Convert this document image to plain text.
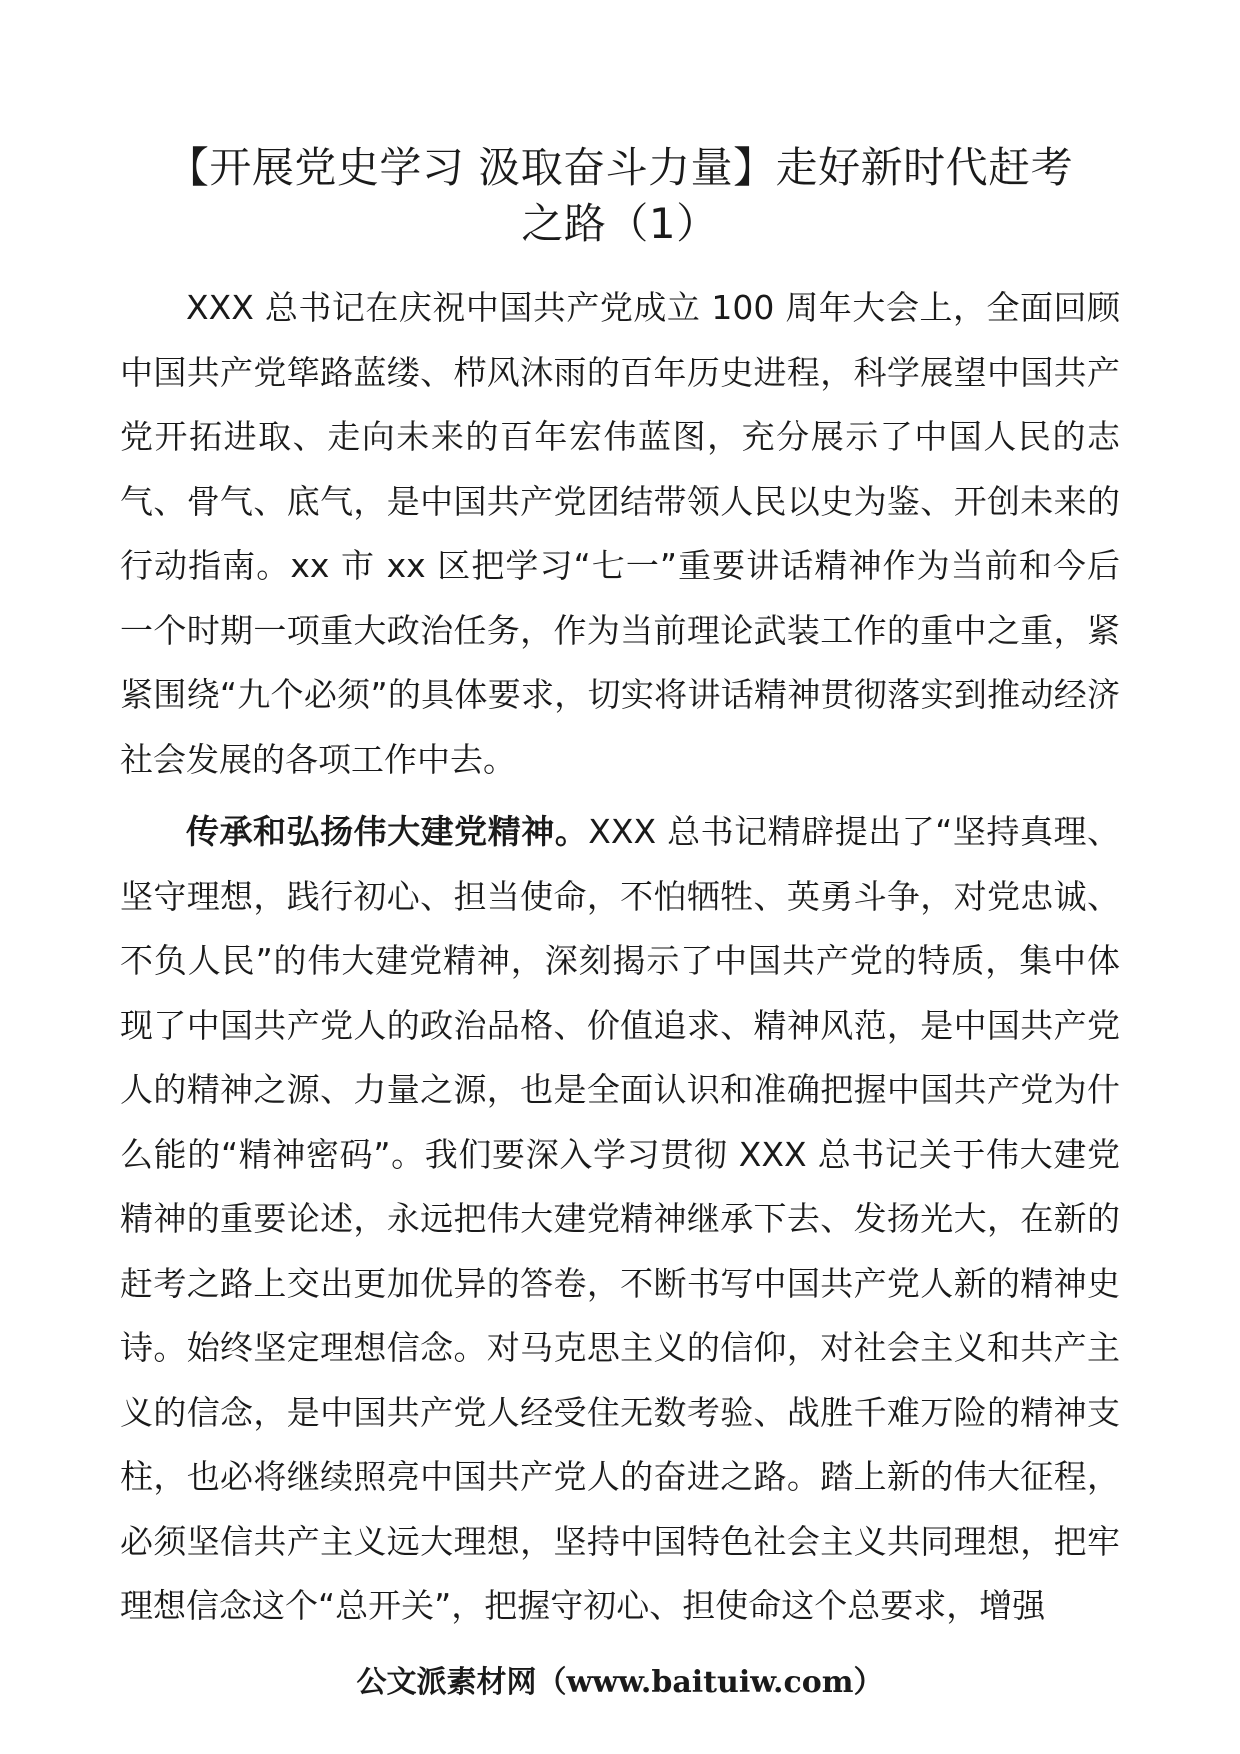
【开展党史学习 汲取奋斗力量】走好新时代赶考
之路（1）

XXX 总书记在庆祝中国共产党成立 100 周年大会上，全面回顾中国共产党筚路蓝缕、栉风沐雨的百年历史进程，科学展望中国共产党开拓进取、走向未来的百年宏伟蓝图，充分展示了中国人民的志气、骨气、底气，是中国共产党团结带领人民以史为鉴、开创未来的行动指南。xx 市 xx 区把学习“七一”重要讲话精神作为当前和今后一个时期一项重大政治任务，作为当前理论武装工作的重中之重，紧紧围绕“九个必须”的具体要求，切实将讲话精神贯彻落实到推动经济社会发展的各项工作中去。

传承和弘扬伟大建党精神。XXX 总书记精辟提出了“坚持真理、坚守理想，践行初心、担当使命，不怕牺牲、英勇斗争，对党忠诚、不负人民”的伟大建党精神，深刻揭示了中国共产党的特质，集中体现了中国共产党人的政治品格、价值追求、精神风范，是中国共产党人的精神之源、力量之源，也是全面认识和准确把握中国共产党为什么能的“精神密码”。我们要深入学习贯彻 XXX 总书记关于伟大建党精神的重要论述，永远把伟大建党精神继承下去、发扬光大，在新的赶考之路上交出更加优异的答卷，不断书写中国共产党人新的精神史诗。始终坚定理想信念。对马克思主义的信仰，对社会主义和共产主义的信念，是中国共产党人经受住无数考验、战胜千难万险的精神支柱，也必将继续照亮中国共产党人的奋进之路。踏上新的伟大征程，必须坚信共产主义远大理想，坚持中国特色社会主义共同理想，把牢理想信念这个“总开关”，把握守初心、担使命这个总要求，增强

公文派素材网（www.baituiw.com）
